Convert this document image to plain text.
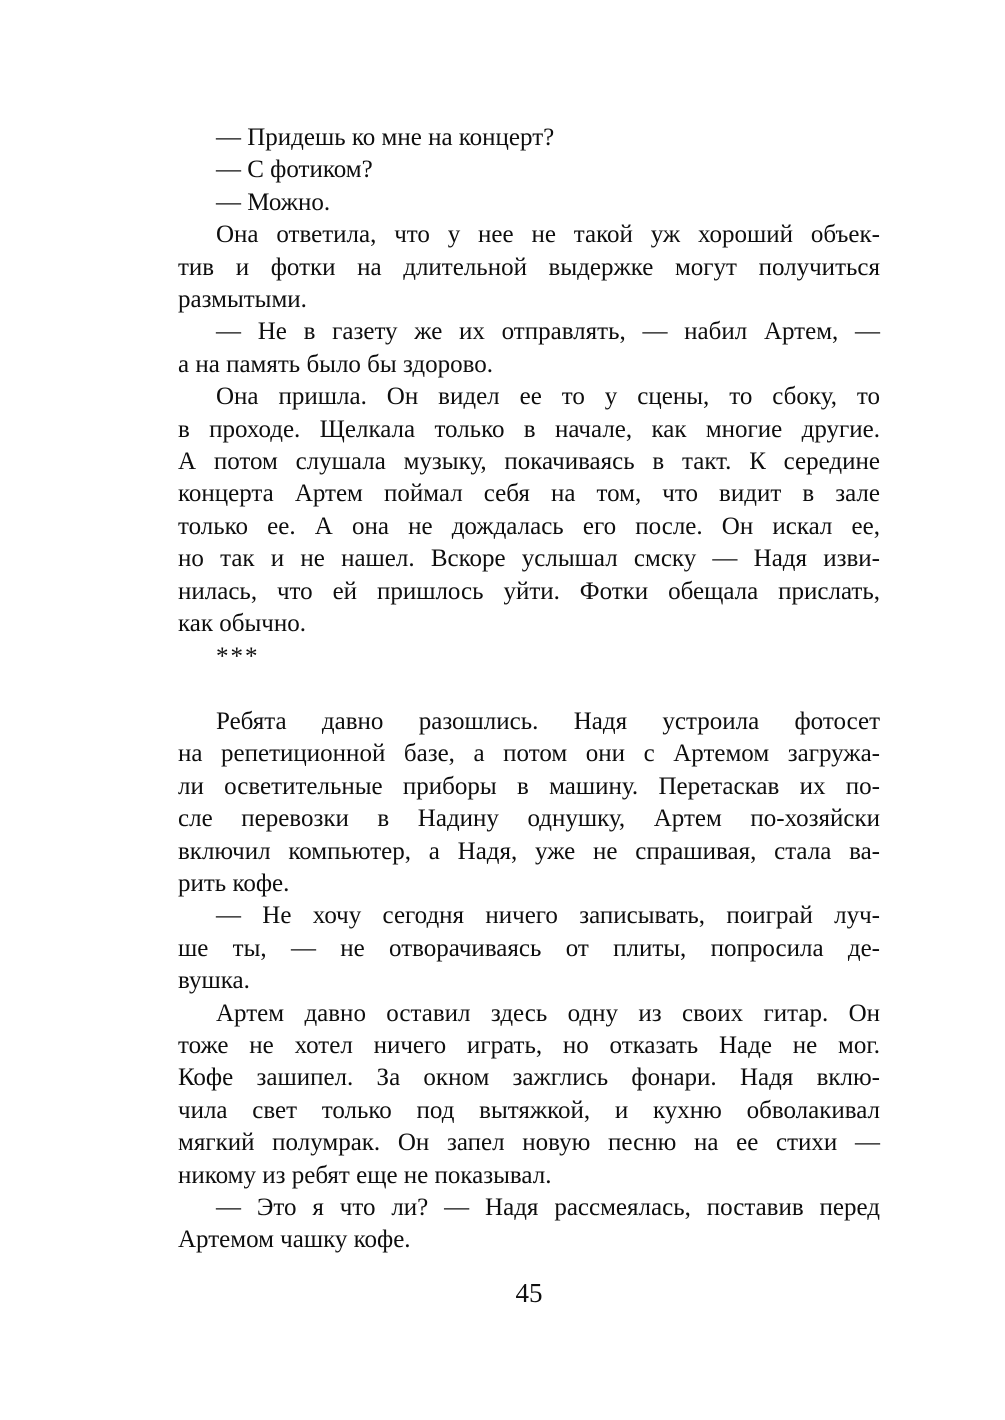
— Придешь ко мне на концерт?
— С фотиком?
— Можно.
Она ответила, что у нее не такой уж хороший объек-
тив и фотки на длительной выдержке могут получиться
размытыми.
— Не в газету же их отправлять, — набил Артем, —
а на память было бы здорово.
Она пришла. Он видел ее то у сцены, то сбоку, то
в проходе. Щелкала только в начале, как многие другие.
А потом слушала музыку, покачиваясь в такт. К середине
концерта Артем поймал себя на том, что видит в зале
только ее. А она не дождалась его после. Он искал ее,
но так и не нашел. Вскоре услышал смску — Надя изви-
нилась, что ей пришлось уйти. Фотки обещала прислать,
как обычно.
***
Ребята давно разошлись. Надя устроила фотосет
на репетиционной базе, а потом они с Артемом загружа-
ли осветительные приборы в машину. Перетаскав их по-
сле перевозки в Надину однушку, Артем по-хозяйски
включил компьютер, а Надя, уже не спрашивая, стала ва-
рить кофе.
— Не хочу сегодня ничего записывать, поиграй луч-
ше ты, — не отворачиваясь от плиты, попросила де-
вушка.
Артем давно оставил здесь одну из своих гитар. Он
тоже не хотел ничего играть, но отказать Наде не мог.
Кофе зашипел. За окном зажглись фонари. Надя вклю-
чила свет только под вытяжкой, и кухню обволакивал
мягкий полумрак. Он запел новую песню на ее стихи —
никому из ребят еще не показывал.
— Это я что ли? — Надя рассмеялась, поставив перед
Артемом чашку кофе.
45
